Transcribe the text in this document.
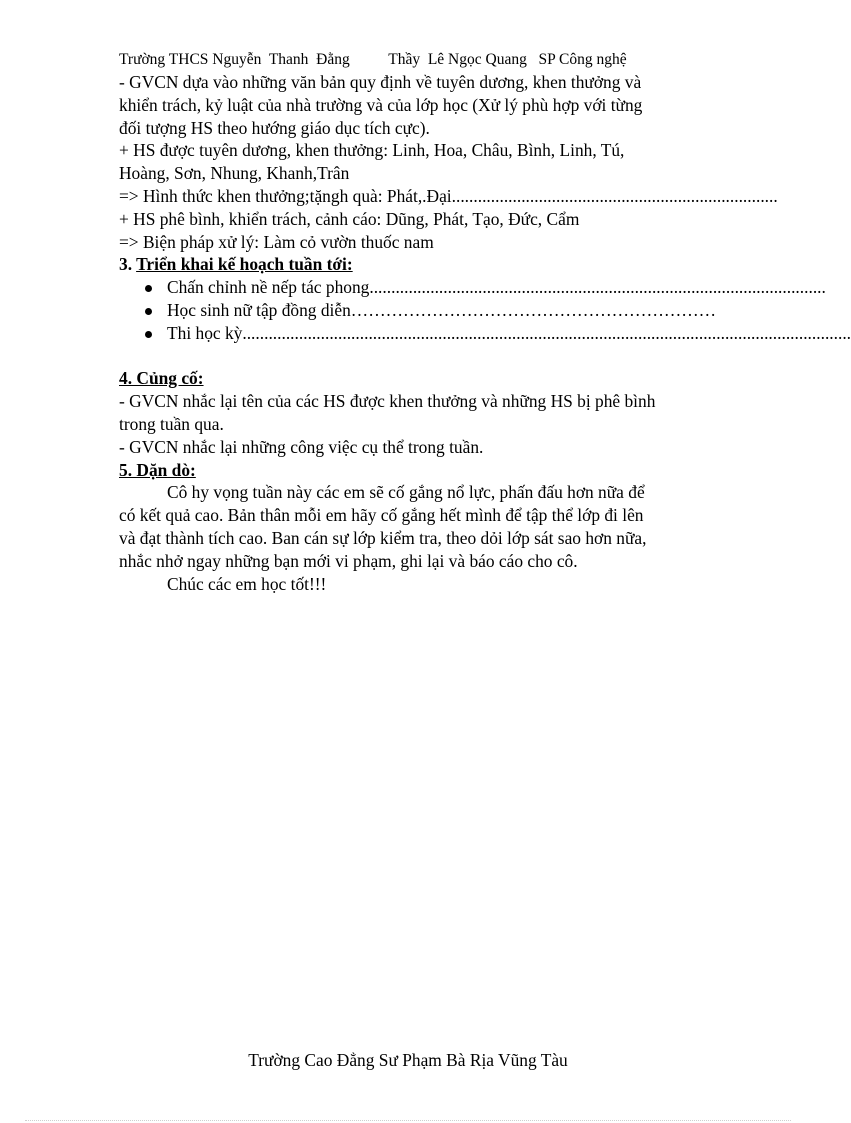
Trường THCS Nguyễn  Thanh  Đằng Thầy  Lê Ngọc Quang SP Công nghệ
- GVCN dựa vào những văn bản quy định về tuyên dương, khen thưởng và
khiển trách, kỷ luật của nhà trường và của lớp học (Xử lý phù hợp với từng
đối tượng HS theo hướng giáo dục tích cực).
+ HS được tuyên dương, khen thưởng: Linh, Hoa, Châu, Bình, Linh, Tú,
Hoàng, Sơn, Nhung, Khanh,Trân
=> Hình thức khen thưởng;tặngh quà: Phát,.Đại...........................................................................
+ HS phê bình, khiển trách, cảnh cáo: Dũng, Phát, Tạo, Đức, Cẩm
=> Biện pháp xử lý: Làm cỏ vườn thuốc nam
3. Triển khai kế hoạch tuần tới:
Chấn chỉnh nề nếp tác phong.........................................................................................................
Học sinh nữ tập đồng diễn………………………………………………………
Thi học kỳ............................................................................................................................................
4. Củng cố:
- GVCN nhắc lại tên của các HS được khen thưởng và những HS bị phê bình
trong tuần qua.
- GVCN nhắc lại những công việc cụ thể trong tuần.
5. Dặn dò:
Cô hy vọng tuần này các em sẽ cố gắng nổ lực, phấn đấu hơn nữa để
có kết quả cao. Bản thân mỗi em hãy cố gắng hết mình để tập thể lớp đi lên
và đạt thành tích cao. Ban cán sự lớp kiểm tra, theo dỏi lớp sát sao hơn nữa,
nhắc nhở ngay những bạn mới vi phạm, ghi lại và báo cáo cho cô.
Chúc các em học tốt!!!
Trường Cao Đẳng Sư Phạm Bà Rịa Vũng Tàu
